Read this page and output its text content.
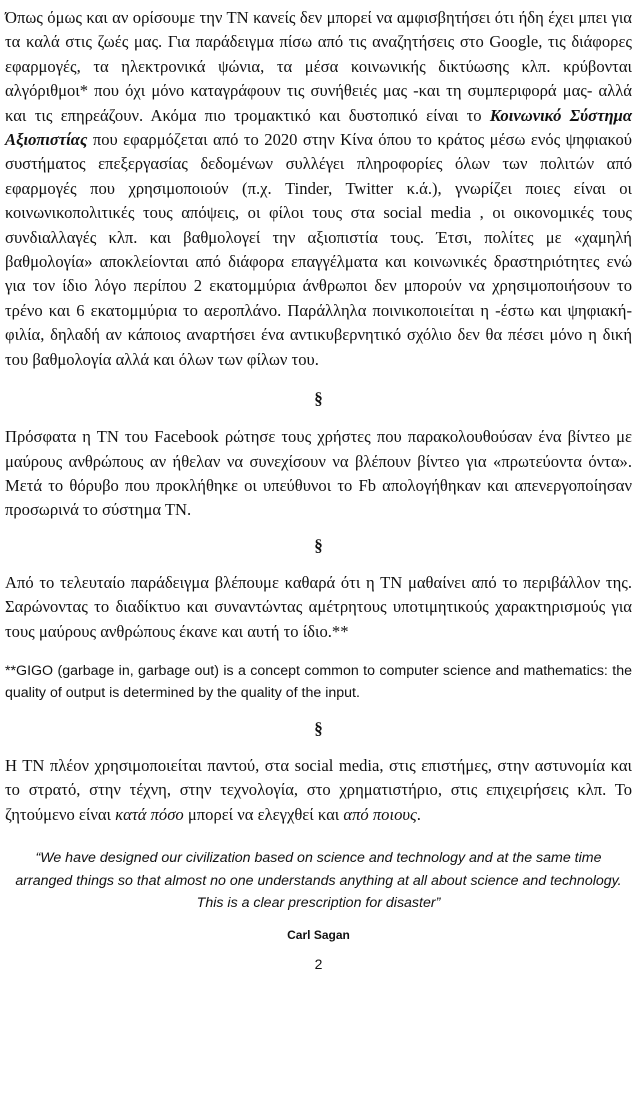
Όπως όμως και αν ορίσουμε την ΤΝ κανείς δεν μπορεί να αμφισβητήσει ότι ήδη έχει μπει για τα καλά στις ζωές μας. Για παράδειγμα πίσω από τις αναζητήσεις στο Google, τις διάφορες εφαρμογές, τα ηλεκτρονικά ψώνια, τα μέσα κοινωνικής δικτύωσης κλπ. κρύβονται αλγόριθμοι* που όχι μόνο καταγράφουν τις συνήθειές μας -και τη συμπεριφορά μας- αλλά και τις επηρεάζουν. Ακόμα πιο τρομακτικό και δυστοπικό είναι το Κοινωνικό Σύστημα Αξιοπιστίας που εφαρμόζεται από το 2020 στην Κίνα όπου το κράτος μέσω ενός ψηφιακού συστήματος επεξεργασίας δεδομένων συλλέγει πληροφορίες όλων των πολιτών από εφαρμογές που χρησιμοποιούν (π.χ. Tinder, Twitter κ.ά.), γνωρίζει ποιες είναι οι κοινωνικοπολιτικές τους απόψεις, οι φίλοι τους στα social media , οι οικονομικές τους συνδιαλλαγές κλπ. και βαθμολογεί την αξιοπιστία τους. Έτσι, πολίτες με «χαμηλή βαθμολογία» αποκλείονται από διάφορα επαγγέλματα και κοινωνικές δραστηριότητες ενώ για τον ίδιο λόγο περίπου 2 εκατομμύρια άνθρωποι δεν μπορούν να χρησιμοποιήσουν το τρένο και 6 εκατομμύρια το αεροπλάνο. Παράλληλα ποινικοποιείται η -έστω και ψηφιακή- φιλία, δηλαδή αν κάποιος αναρτήσει ένα αντικυβερνητικό σχόλιο δεν θα πέσει μόνο η δική του βαθμολογία αλλά και όλων των φίλων του.

§

Πρόσφατα η ΤΝ του Facebook ρώτησε τους χρήστες που παρακολουθούσαν ένα βίντεο με μαύρους ανθρώπους αν ήθελαν να συνεχίσουν να βλέπουν βίντεο για «πρωτεύοντα όντα». Μετά το θόρυβο που προκλήθηκε οι υπεύθυνοι το Fb απολογήθηκαν και απενεργοποίησαν προσωρινά το σύστημα ΤΝ.

§

Από το τελευταίο παράδειγμα βλέπουμε καθαρά ότι η ΤΝ μαθαίνει από το περιβάλλον της. Σαρώνοντας το διαδίκτυο και συναντώντας αμέτρητους υποτιμητικούς χαρακτηρισμούς για τους μαύρους ανθρώπους έκανε και αυτή το ίδιο.**

**GIGO (garbage in, garbage out) is a concept common to computer science and mathematics: the quality of output is determined by the quality of the input.

§

Η ΤΝ πλέον χρησιμοποιείται παντού, στα social media, στις επιστήμες, στην αστυνομία και το στρατό, στην τέχνη, στην τεχνολογία, στο χρηματιστήριο, στις επιχειρήσεις κλπ. Το ζητούμενο είναι κατά πόσο μπορεί να ελεγχθεί και από ποιους.

“We have designed our civilization based on science and technology and at the same time arranged things so that almost no one understands anything at all about science and technology. This is a clear prescription for disaster”

Carl Sagan

2
